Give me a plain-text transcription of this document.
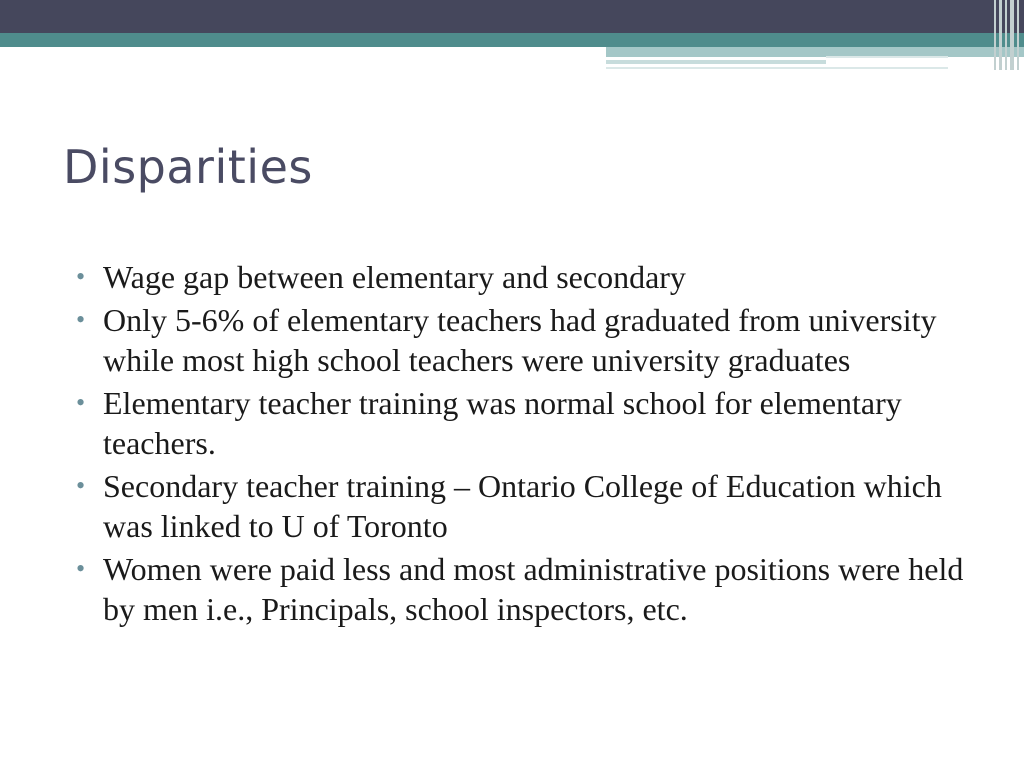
Disparities
• Wage gap between elementary and secondary
• Only 5-6% of elementary teachers had graduated from university while most high school teachers were university graduates
• Elementary teacher training was normal school for elementary teachers.
• Secondary teacher training – Ontario College of Education which was linked to U of Toronto
• Women were paid less and most administrative positions were held by men i.e., Principals, school inspectors, etc.
